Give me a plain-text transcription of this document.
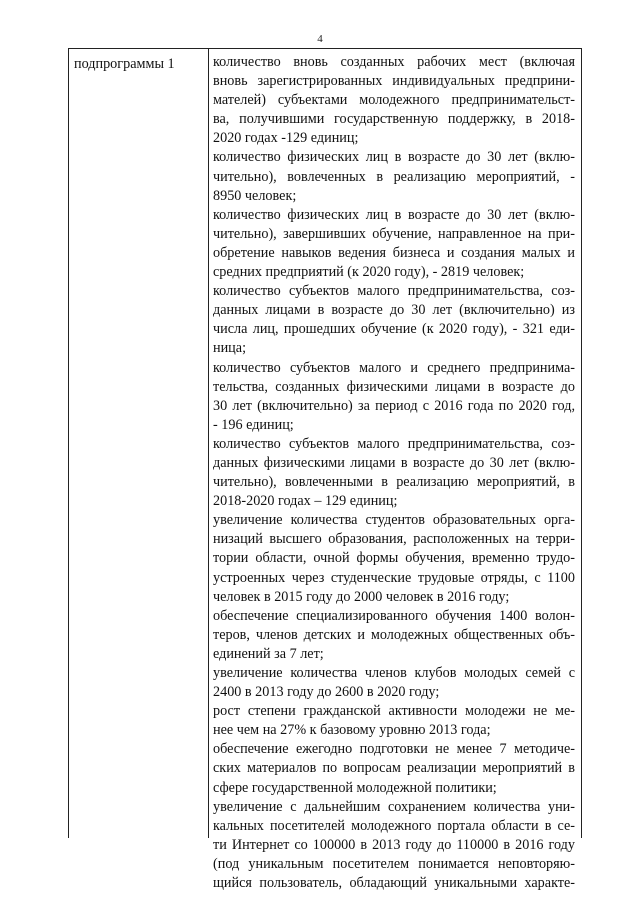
4
подпрограммы 1	количество вновь созданных рабочих мест (включая
вновь зарегистрированных индивидуальных предприни-
мателей) субъектами молодежного предпринимательст-
ва, получившими государственную поддержку, в 2018-
2020 годах -129 единиц;
количество физических лиц в возрасте до 30 лет (вклю-
чительно), вовлеченных в реализацию мероприятий, -
8950 человек;
количество физических лиц в возрасте до 30 лет (вклю-
чительно), завершивших обучение, направленное на при-
обретение навыков ведения бизнеса и создания малых и
средних предприятий (к 2020 году), - 2819 человек;
количество субъектов малого предпринимательства, соз-
данных лицами в возрасте до 30 лет (включительно) из
числа лиц, прошедших обучение (к 2020 году), - 321 еди-
ница;
количество субъектов малого и среднего предпринима-
тельства, созданных физическими лицами в возрасте до
30 лет (включительно) за период с 2016 года по 2020 год,
- 196 единиц;
количество субъектов малого предпринимательства, соз-
данных физическими лицами в возрасте до 30 лет (вклю-
чительно), вовлеченными в реализацию мероприятий, в
2018-2020 годах – 129 единиц;
увеличение количества студентов образовательных орга-
низаций высшего образования, расположенных на терри-
тории области, очной формы обучения, временно трудо-
устроенных через студенческие трудовые отряды, с 1100
человек в 2015 году до 2000 человек в 2016 году;
обеспечение специализированного обучения 1400 волон-
теров, членов детских и молодежных общественных объ-
единений за 7 лет;
увеличение количества членов клубов молодых семей с
2400 в 2013 году до 2600 в 2020 году;
рост степени гражданской активности молодежи не ме-
нее чем на 27% к базовому уровню 2013 года;
обеспечение ежегодно подготовки не менее 7 методиче-
ских материалов по вопросам реализации мероприятий в
сфере государственной молодежной политики;
увеличение с дальнейшим сохранением количества уни-
кальных посетителей молодежного портала области в се-
ти Интернет со 100000 в 2013 году до 110000 в 2016 году
(под уникальным посетителем понимается неповторяю-
щийся пользователь, обладающий уникальными характе-
